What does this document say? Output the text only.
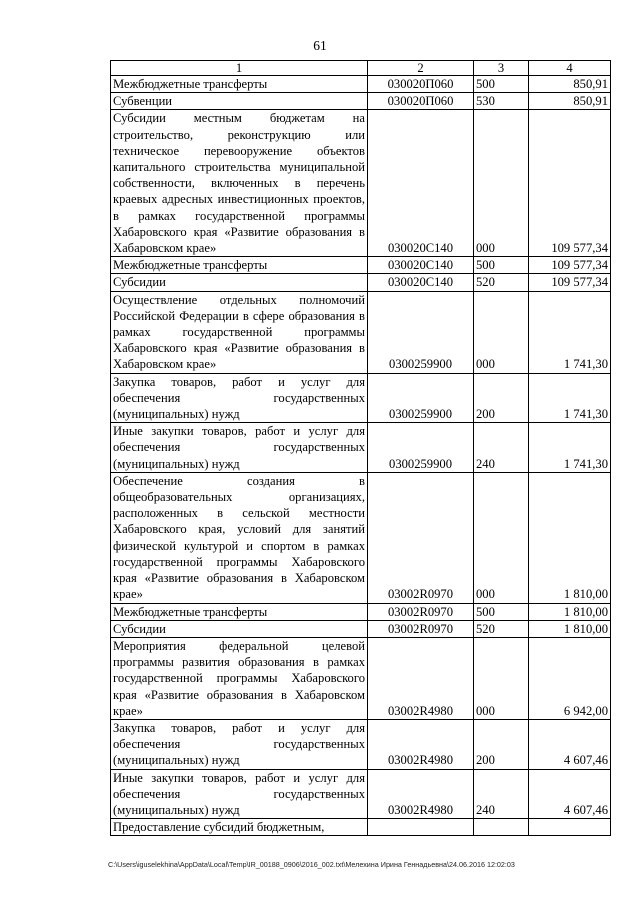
61
1	2	3	4
Межбюджетные трансферты	030020П060	500	850,91
Субвенции	030020П060	530	850,91
Субсидии местным бюджетам на строительство, реконструкцию или техническое перевооружение объектов капитального строительства муниципальной собственности, включенных в перечень краевых адресных инвестиционных проектов, в рамках государственной программы Хабаровского края «Развитие образования в Хабаровском крае»	030020С140	000	109 577,34
Межбюджетные трансферты	030020С140	500	109 577,34
Субсидии	030020С140	520	109 577,34
Осуществление отдельных полномочий Российской Федерации в сфере образования в рамках государственной программы Хабаровского края «Развитие образования в Хабаровском крае»	0300259900	000	1 741,30
Закупка товаров, работ и услуг для обеспечения государственных (муниципальных) нужд	0300259900	200	1 741,30
Иные закупки товаров, работ и услуг для обеспечения государственных (муниципальных) нужд	0300259900	240	1 741,30
Обеспечение создания в общеобразовательных организациях, расположенных в сельской местности Хабаровского края, условий для занятий физической культурой и спортом в рамках государственной программы Хабаровского края «Развитие образования в Хабаровском крае»	03002R0970	000	1 810,00
Межбюджетные трансферты	03002R0970	500	1 810,00
Субсидии	03002R0970	520	1 810,00
Мероприятия федеральной целевой программы развития образования в рамках государственной программы Хабаровского края «Развитие образования в Хабаровском крае»	03002R4980	000	6 942,00
Закупка товаров, работ и услуг для обеспечения государственных (муниципальных) нужд	03002R4980	200	4 607,46
Иные закупки товаров, работ и услуг для обеспечения государственных (муниципальных) нужд	03002R4980	240	4 607,46
Предоставление субсидий бюджетным,			
C:\Users\iguselekhina\AppData\Local\Temp\IR_00188_0906\2016_002.txt\Мелехина Ирина Геннадьевна\24.06.2016 12:02:03
